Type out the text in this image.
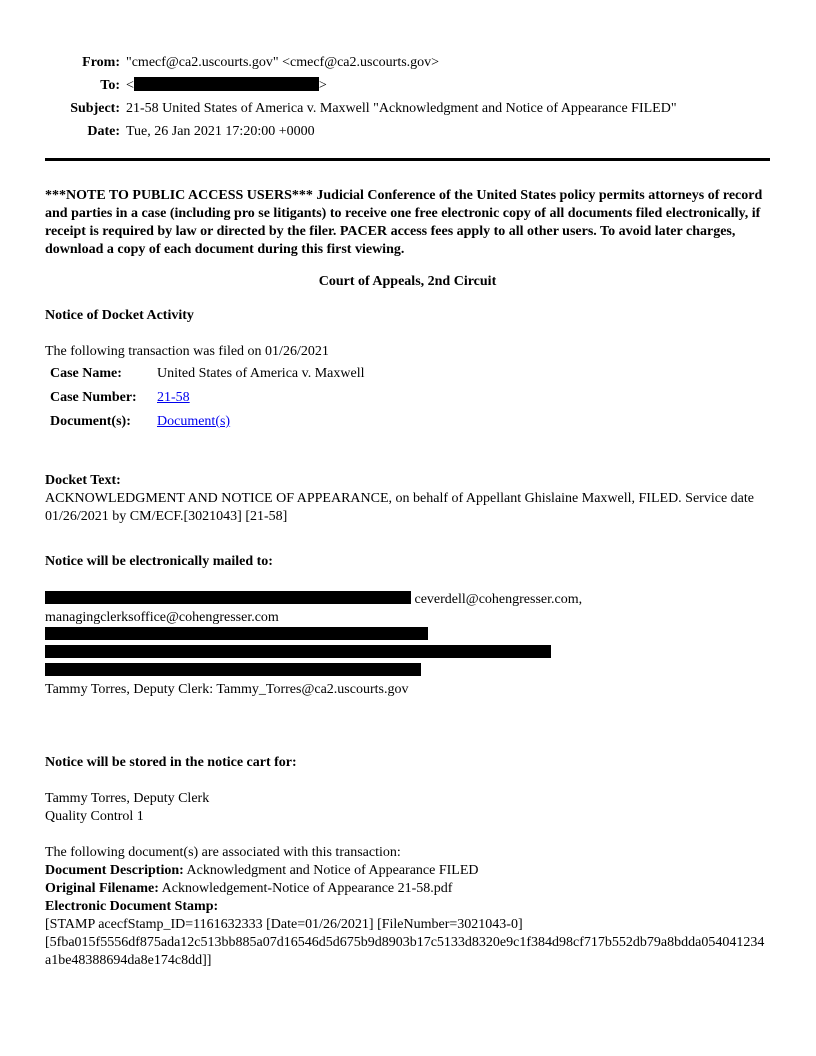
From: "cmecf@ca2.uscourts.gov" <cmecf@ca2.uscourts.gov>
To: <	>
Subject: 21-58 United States of America v. Maxwell "Acknowledgment and Notice of Appearance FILED"
Date: Tue, 26 Jan 2021 17:20:00 +0000

***NOTE TO PUBLIC ACCESS USERS*** Judicial Conference of the United States policy permits attorneys of record and parties in a case (including pro se litigants) to receive one free electronic copy of all documents filed electronically, if receipt is required by law or directed by the filer. PACER access fees apply to all other users. To avoid later charges, download a copy of each document during this first viewing.

Court of Appeals, 2nd Circuit
Notice of Docket Activity
The following transaction was filed on 01/26/2021
Case Name:	United States of America v. Maxwell
Case Number:	21-58
Document(s):	Document(s)
Docket Text:
ACKNOWLEDGMENT AND NOTICE OF APPEARANCE, on behalf of Appellant Ghislaine Maxwell, FILED. Service date 01/26/2021 by CM/ECF.[3021043] [21-58]
Notice will be electronically mailed to:
ceverdell@cohengresser.com,
managingclerksoffice@cohengresser.com
Tammy Torres, Deputy Clerk: Tammy_Torres@ca2.uscourts.gov
Notice will be stored in the notice cart for:
Tammy Torres, Deputy Clerk
Quality Control 1
The following document(s) are associated with this transaction:
Document Description: Acknowledgment and Notice of Appearance FILED
Original Filename: Acknowledgement-Notice of Appearance 21-58.pdf
Electronic Document Stamp:
[STAMP acecfStamp_ID=1161632333 [Date=01/26/2021] [FileNumber=3021043-0]
[5fba015f5556df875ada12c513bb885a07d16546d5d675b9d8903b17c5133d8320e9c1f384d98cf717b552db79a8bdda054041234a1be48388694da8e174c8dd]]
